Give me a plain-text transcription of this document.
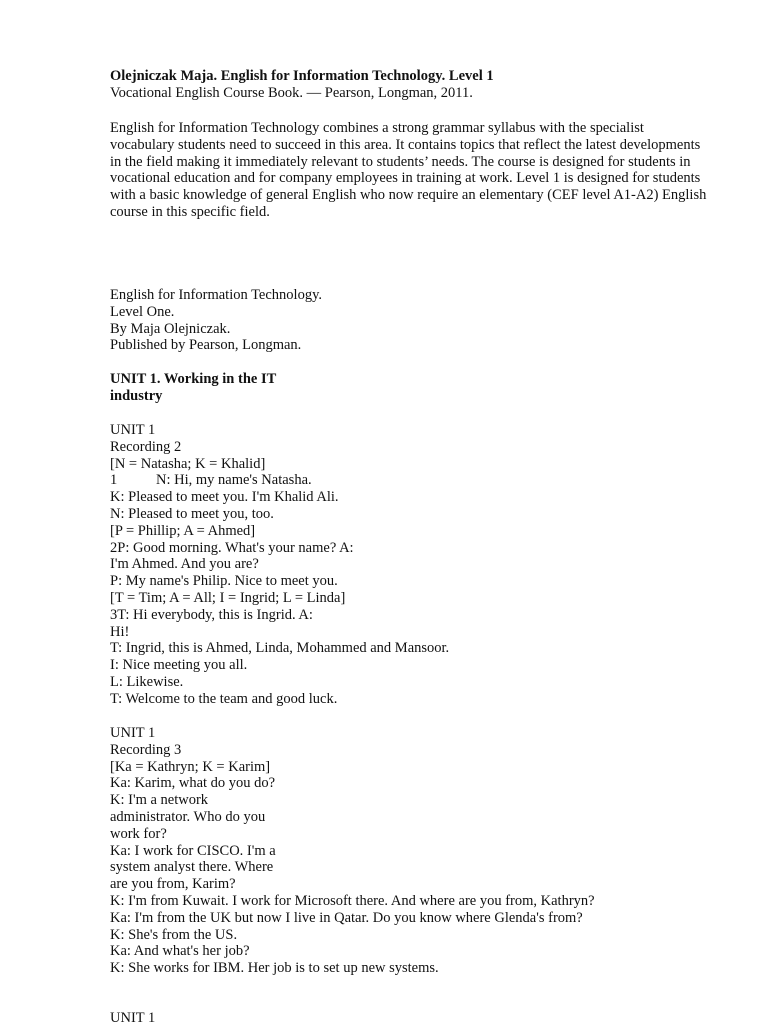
Olejniczak Maja. English for Information Technology. Level 1
Vocational English Course Book. — Pearson, Longman, 2011.
English for Information Technology combines a strong grammar syllabus with the specialist vocabulary students need to succeed in this area. It contains topics that reflect the latest developments in the field making it immediately relevant to students’ needs. The course is designed for students in vocational education and for company employees in training at work. Level 1 is designed for students with a basic knowledge of general English who now require an elementary (CEF level A1-A2) English course in this specific field.
English for Information Technology.
Level One.
By Maja Olejniczak.
Published by Pearson, Longman.
UNIT 1. Working in the IT
industry
UNIT 1
Recording 2
[N = Natasha; K = Khalid]
1	N: Hi, my name's Natasha.
K: Pleased to meet you. I'm Khalid Ali.
N: Pleased to meet you, too.
[P = Phillip; A = Ahmed]
2P: Good morning. What's your name? A:
I'm Ahmed. And you are?
P: My name's Philip. Nice to meet you.
[T = Tim; A = All; I = Ingrid; L = Linda]
3T: Hi everybody, this is Ingrid. A:
Hi!
T: Ingrid, this is Ahmed, Linda, Mohammed and Mansoor.
I: Nice meeting you all.
L: Likewise.
T: Welcome to the team and good luck.
UNIT 1
Recording 3
[Ka = Kathryn; K = Karim]
Ka: Karim, what do you do?
K: I'm a network
administrator. Who do you
work for?
Ka: I work for CISCO. I'm a
system analyst there. Where
are you from, Karim?
K: I'm from Kuwait. I work for Microsoft there. And where are you from, Kathryn?
Ka: I'm from the UK but now I live in Qatar. Do you know where Glenda's from?
K: She's from the US.
Ka: And what's her job?
K: She works for IBM. Her job is to set up new systems.
UNIT 1
